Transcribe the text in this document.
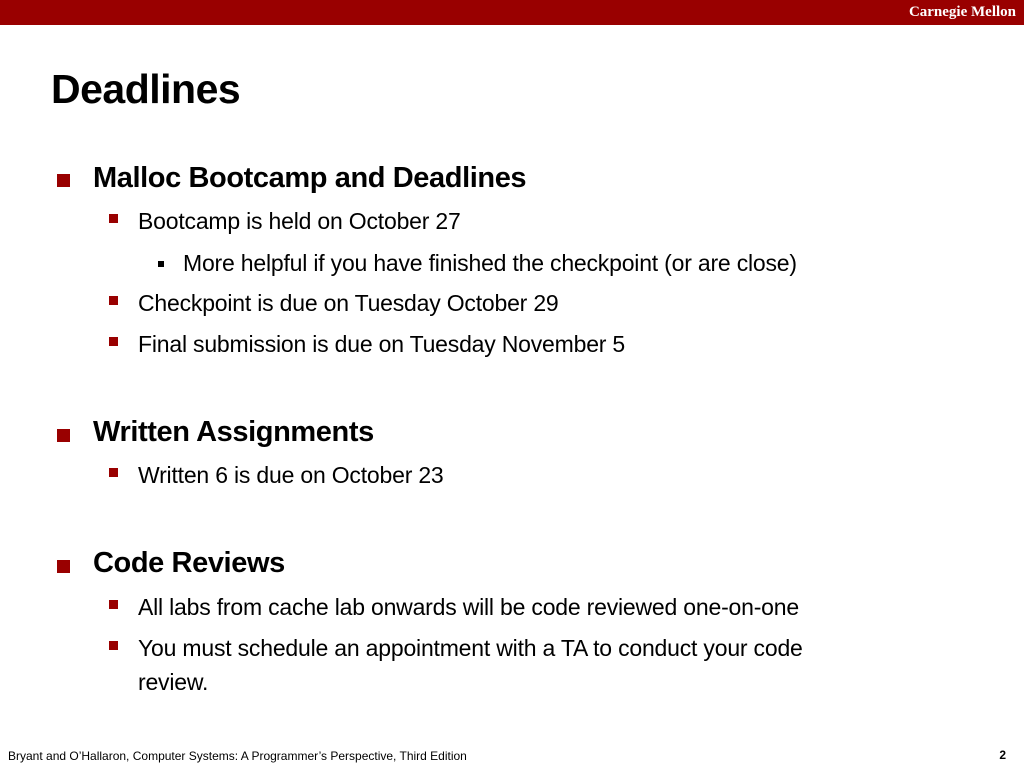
Carnegie Mellon
Deadlines
Malloc Bootcamp and Deadlines
Bootcamp is held on October 27
More helpful if you have finished the checkpoint (or are close)
Checkpoint is due on Tuesday October 29
Final submission is due on Tuesday November 5
Written Assignments
Written 6 is due on October 23
Code Reviews
All labs from cache lab onwards will be code reviewed one-on-one
You must schedule an appointment with a TA to conduct your code
review.
Bryant and O’Hallaron, Computer Systems: A Programmer’s Perspective, Third Edition	2
